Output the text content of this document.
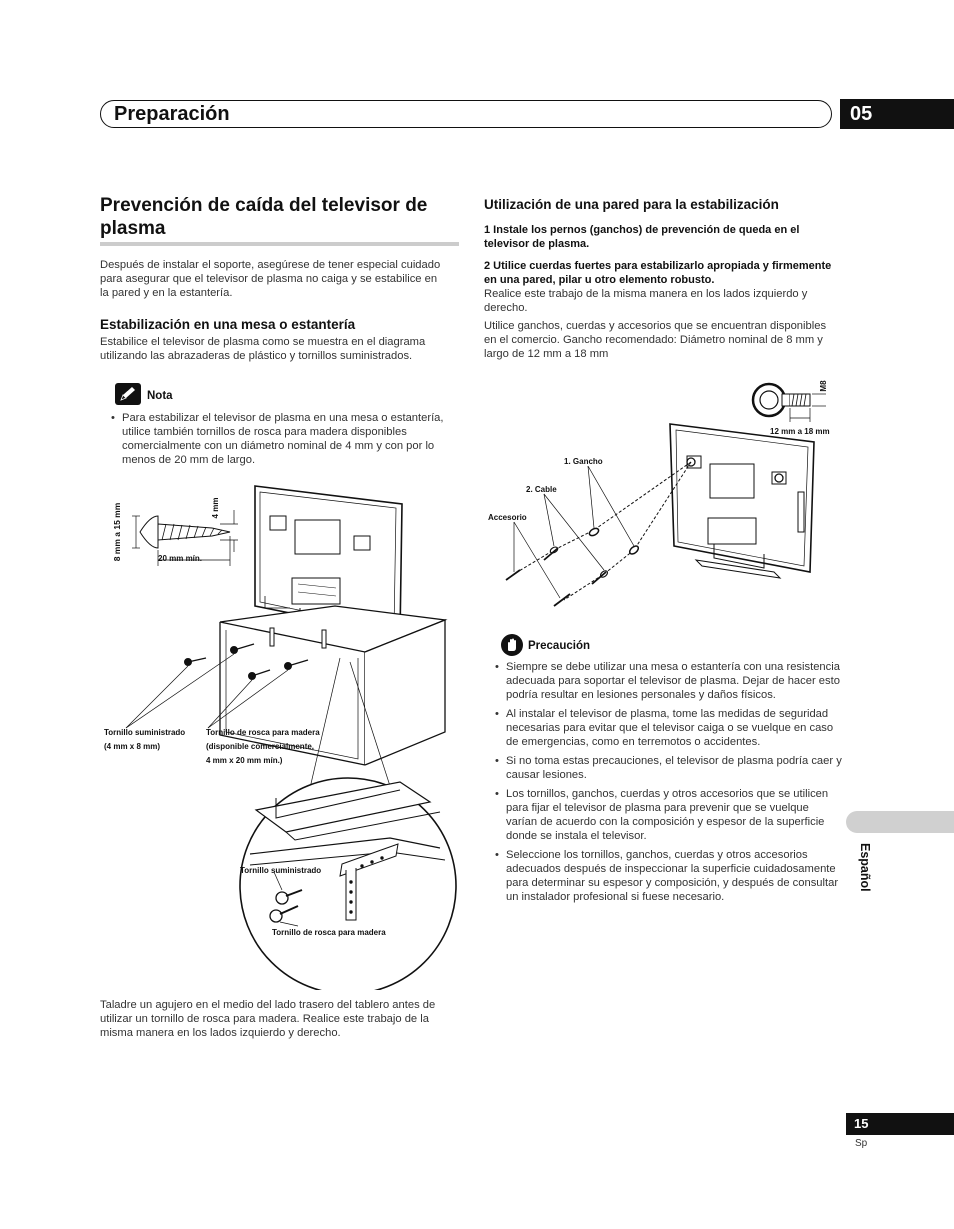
Preparación	05
Prevención de caída del televisor de plasma
Después de instalar el soporte, asegúrese de tener especial cuidado para asegurar que el televisor de plasma no caiga y se estabilice en la pared y en la estantería.
Estabilización en una mesa o estantería
Estabilice el televisor de plasma como se muestra en el diagrama utilizando las abrazaderas de plástico y tornillos suministrados.
Nota
• Para estabilizar el televisor de plasma en una mesa o estantería, utilice también tornillos de rosca para madera disponibles comercialmente con un diámetro nominal de 4 mm y con por lo menos de 20 mm de largo.
8 mm a 15 mm	4 mm
20 mm mín.
Tornillo suministrado
(4 mm x 8 mm)
Tornillo de rosca para madera
(disponible comercialmente,
4 mm x 20 mm mín.)
Tornillo suministrado
Tornillo de rosca para madera
Taladre un agujero en el medio del lado trasero del tablero antes de utilizar un tornillo de rosca para madera. Realice este trabajo de la misma manera en los lados izquierdo y derecho.
Utilización de una pared para la estabilización
1 Instale los pernos (ganchos) de prevención de queda en el televisor de plasma.
2 Utilice cuerdas fuertes para estabilizarlo apropiada y firmemente en una pared, pilar u otro elemento robusto.
Realice este trabajo de la misma manera en los lados izquierdo y derecho.
Utilice ganchos, cuerdas y accesorios que se encuentran disponibles en el comercio. Gancho recomendado: Diámetro nominal de 8 mm y largo de 12 mm a 18 mm
M8
12 mm a 18 mm
1. Gancho
2. Cable
Accesorio
Precaución
• Siempre se debe utilizar una mesa o estantería con una resistencia adecuada para soportar el televisor de plasma. Dejar de hacer esto podría resultar en lesiones personales y daños físicos.
• Al instalar el televisor de plasma, tome las medidas de seguridad necesarias para evitar que el televisor caiga o se vuelque en caso de emergencias, como en terremotos o accidentes.
• Si no toma estas precauciones, el televisor de plasma podría caer y causar lesiones.
• Los tornillos, ganchos, cuerdas y otros accesorios que se utilicen para fijar el televisor de plasma para prevenir que se vuelque varían de acuerdo con la composición y espesor de la superficie donde se instala el televisor.
• Seleccione los tornillos, ganchos, cuerdas y otros accesorios adecuados después de inspeccionar la superficie cuidadosamente para determinar su espesor y composición, y después de consultar un instalador profesional si fuese necesario.
Español
15
Sp
